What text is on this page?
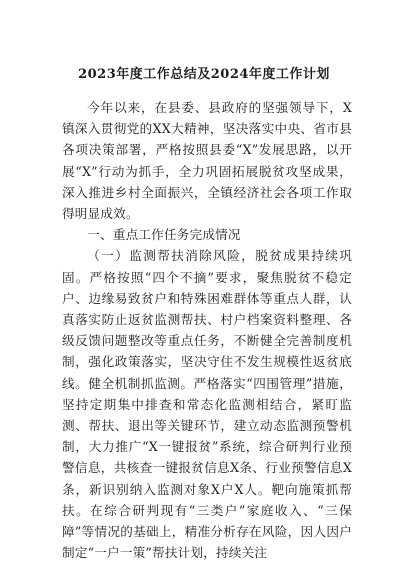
2023年度工作总结及2024年度工作计划

今年以来，在县委、县政府的坚强领导下，X镇深入贯彻党的XX大精神，坚决落实中央、省市县各项决策部署，严格按照县委“X”发展思路，以开展“X”行动为抓手，全力巩固拓展脱贫攻坚成果，深入推进乡村全面振兴，全镇经济社会各项工作取得明显成效。

一、重点工作任务完成情况

（一）监测帮扶消除风险，脱贫成果持续巩固。严格按照“四个不摘”要求，聚焦脱贫不稳定户、边缘易致贫户和特殊困难群体等重点人群，认真落实防止返贫监测帮扶、村户档案资料整理、各级反馈问题整改等重点任务，不断健全完善制度机制，强化政策落实，坚决守住不发生规模性返贫底线。健全机制抓监测。严格落实“四围管理”措施，坚持定期集中排查和常态化监测相结合，紧盯监测、帮扶、退出等关键环节，建立动态监测预警机制，大力推广“X一键报贫”系统，综合研判行业预警信息，共核查一键报贫信息X条、行业预警信息X条，新识别纳入监测对象X户X人。靶向施策抓帮扶。在综合研判现有“三类户”家庭收入、“三保障”等情况的基础上，精准分析存在风险，因人因户制定“一户一策”帮扶计划，持续关注
